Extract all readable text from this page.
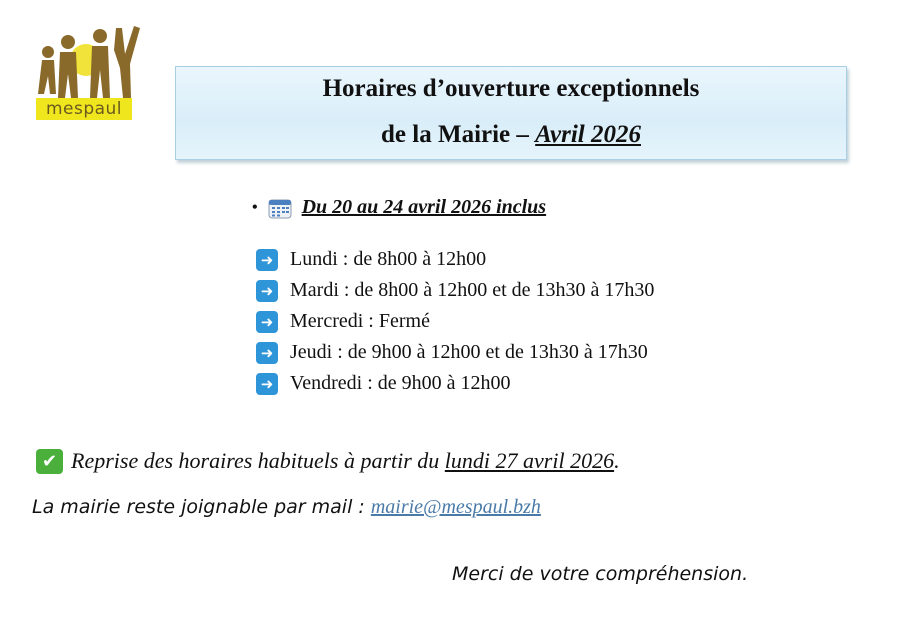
mespaul
Horaires d’ouverture exceptionnels
de la Mairie – Avril 2026
• Du 20 au 24 avril 2026 inclus
➜ Lundi : de 8h00 à 12h00
➜ Mardi : de 8h00 à 12h00 et de 13h30 à 17h30
➜ Mercredi : Fermé
➜ Jeudi : de 9h00 à 12h00 et de 13h30 à 17h30
➜ Vendredi : de 9h00 à 12h00
✔ Reprise des horaires habituels à partir du lundi 27 avril 2026.
La mairie reste joignable par mail : mairie@mespaul.bzh
Merci de votre compréhension.
